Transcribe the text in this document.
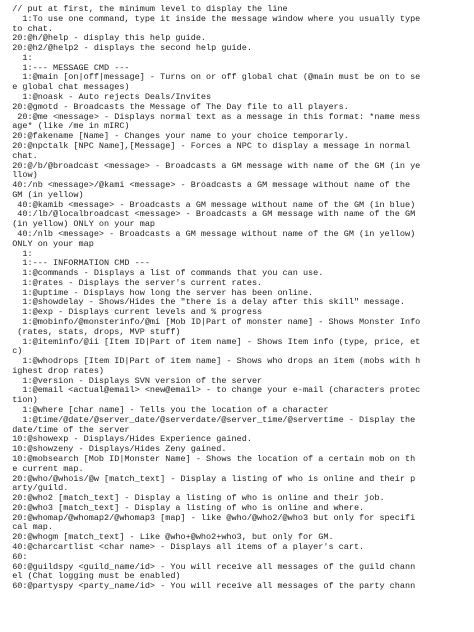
// put at first, the minimum level to display the line
1:To use one command, type it inside the message window where you usually type
to chat.
20:@h/@help - display this help guide.
20:@h2/@help2 - displays the second help guide.
1:
1:--- MESSAGE CMD ---
1:@main [on|off|message] - Turns on or off global chat (@main must be on to se
e global chat messages)
1:@noask - Auto rejects Deals/Invites
20:@gmotd - Broadcasts the Message of The Day file to all players.
20:@me <message> - Displays normal text as a message in this format: *name mess
age* (like /me in mIRC)
20:@fakename [Name] - Changes your name to your choice temporarly.
20:@npctalk [NPC Name],[Message] - Forces a NPC to display a message in normal
chat.
20:@/b/@broadcast <message> - Broadcasts a GM message with name of the GM (in ye
llow)
40:/nb <message>/@kami <message> - Broadcasts a GM message without name of the
GM (in yellow)
40:@kamib <message> - Broadcasts a GM message without name of the GM (in blue)
40:/lb/@localbroadcast <message> - Broadcasts a GM message with name of the GM
(in yellow) ONLY on your map
40:/nlb <message> - Broadcasts a GM message without name of the GM (in yellow)
ONLY on your map
1:
1:--- INFORMATION CMD ---
1:@commands - Displays a list of commands that you can use.
1:@rates - Displays the server's current rates.
1:@uptime - Displays how long the server has been online.
1:@showdelay - Shows/Hides the "there is a delay after this skill" message.
1:@exp - Displays current levels and % progress
1:@mobinfo/@monsterinfo/@mi [Mob ID|Part of monster name] - Shows Monster Info
(rates, stats, drops, MVP stuff)
1:@iteminfo/@ii [Item ID|Part of item name] - Shows Item info (type, price, et
c)
1:@whodrops [Item ID|Part of item name] - Shows who drops an item (mobs with h
ighest drop rates)
1:@version - Displays SVN version of the server
1:@email <actual@email> <new@email> - to change your e-mail (characters protec
tion)
1:@where [char name] - Tells you the location of a character
1:@time/@date/@server_date/@serverdate/@server_time/@servertime - Display the
date/time of the server
10:@showexp - Displays/Hides Experience gained.
10:@showzeny - Displays/Hides Zeny gained.
10:@mobsearch [Mob ID|Monster Name] - Shows the location of a certain mob on th
e current map.
20:@who/@whois/@w [match_text] - Display a listing of who is online and their p
arty/guild.
20:@who2 [match_text] - Display a listing of who is online and their job.
20:@who3 [match_text] - Display a listing of who is online and where.
20:@whomap/@whomap2/@whomap3 [map] - like @who/@who2/@who3 but only for specifi
cal map.
20:@whogm [match_text] - Like @who+@who2+who3, but only for GM.
40:@charcartlist <char name> - Displays all items of a player's cart.
60:
60:@guildspy <guild_name/id> - You will receive all messages of the guild chann
el (Chat logging must be enabled)
60:@partyspy <party_name/id> - You will receive all messages of the party chann
